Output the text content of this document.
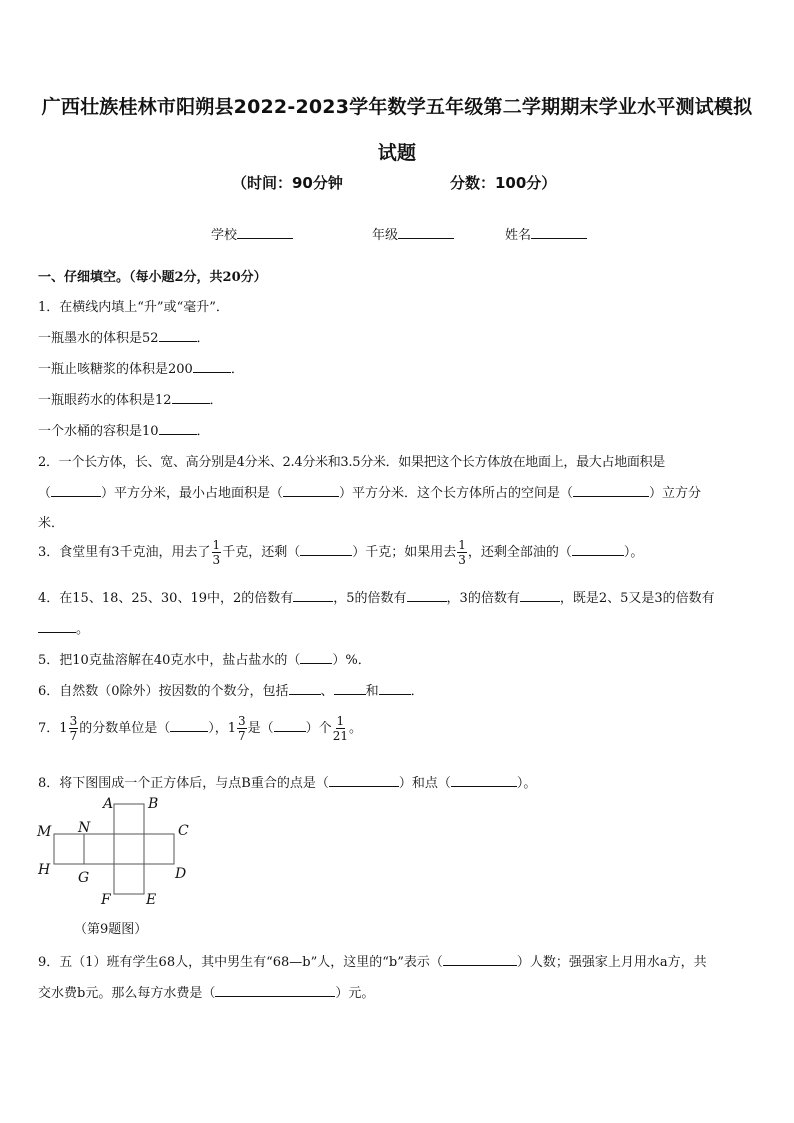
广西壮族桂林市阳朔县2022-2023学年数学五年级第二学期期末学业水平测试模拟试题
（时间：90分钟	分数：100分）
学校	年级	姓名
一、仔细填空。（每小题2分，共20分）
1．在横线内填上“升”或“毫升”．
一瓶墨水的体积是52	．
一瓶止咳糖浆的体积是200	．
一瓶眼药水的体积是12	．
一个水桶的容积是10	．
2．一个长方体，长、宽、高分别是4分米、2.4分米和3.5分米．如果把这个长方体放在地面上，最大占地面积是
（	）平方分米，最小占地面积是（	）平方分米．这个长方体所占的空间是（	）立方分
米．
3．食堂里有3千克油，用去了 $\frac{1}{3}$ 千克，还剩（	）千克；如果用去 $\frac{1}{3}$ ，还剩全部油的（	）。
4．在15、18、25、30、19中，2的倍数有	，5的倍数有	，3的倍数有	，既是2、5又是3的倍数有
。
5．把10克盐溶解在40克水中，盐占盐水的（ ）%．
6．自然数（0除外）按因数的个数分，包括 、 和 ．
7．$1 \frac{3}{7}$ 的分数单位是（	），$1 \frac{3}{7}$ 是（ ）个 $\frac{1}{21}$ 。
8．将下图围成一个正方体后，与点B重合的点是（	）和点（	）。
A B
C
D
E
F
G
H
M N
（第9题图）
9．五（1）班有学生68人，其中男生有“68—b”人，这里的“b”表示（	）人数；强强家上月用水a方，共
交水费b元。那么每方水费是（	）元。
